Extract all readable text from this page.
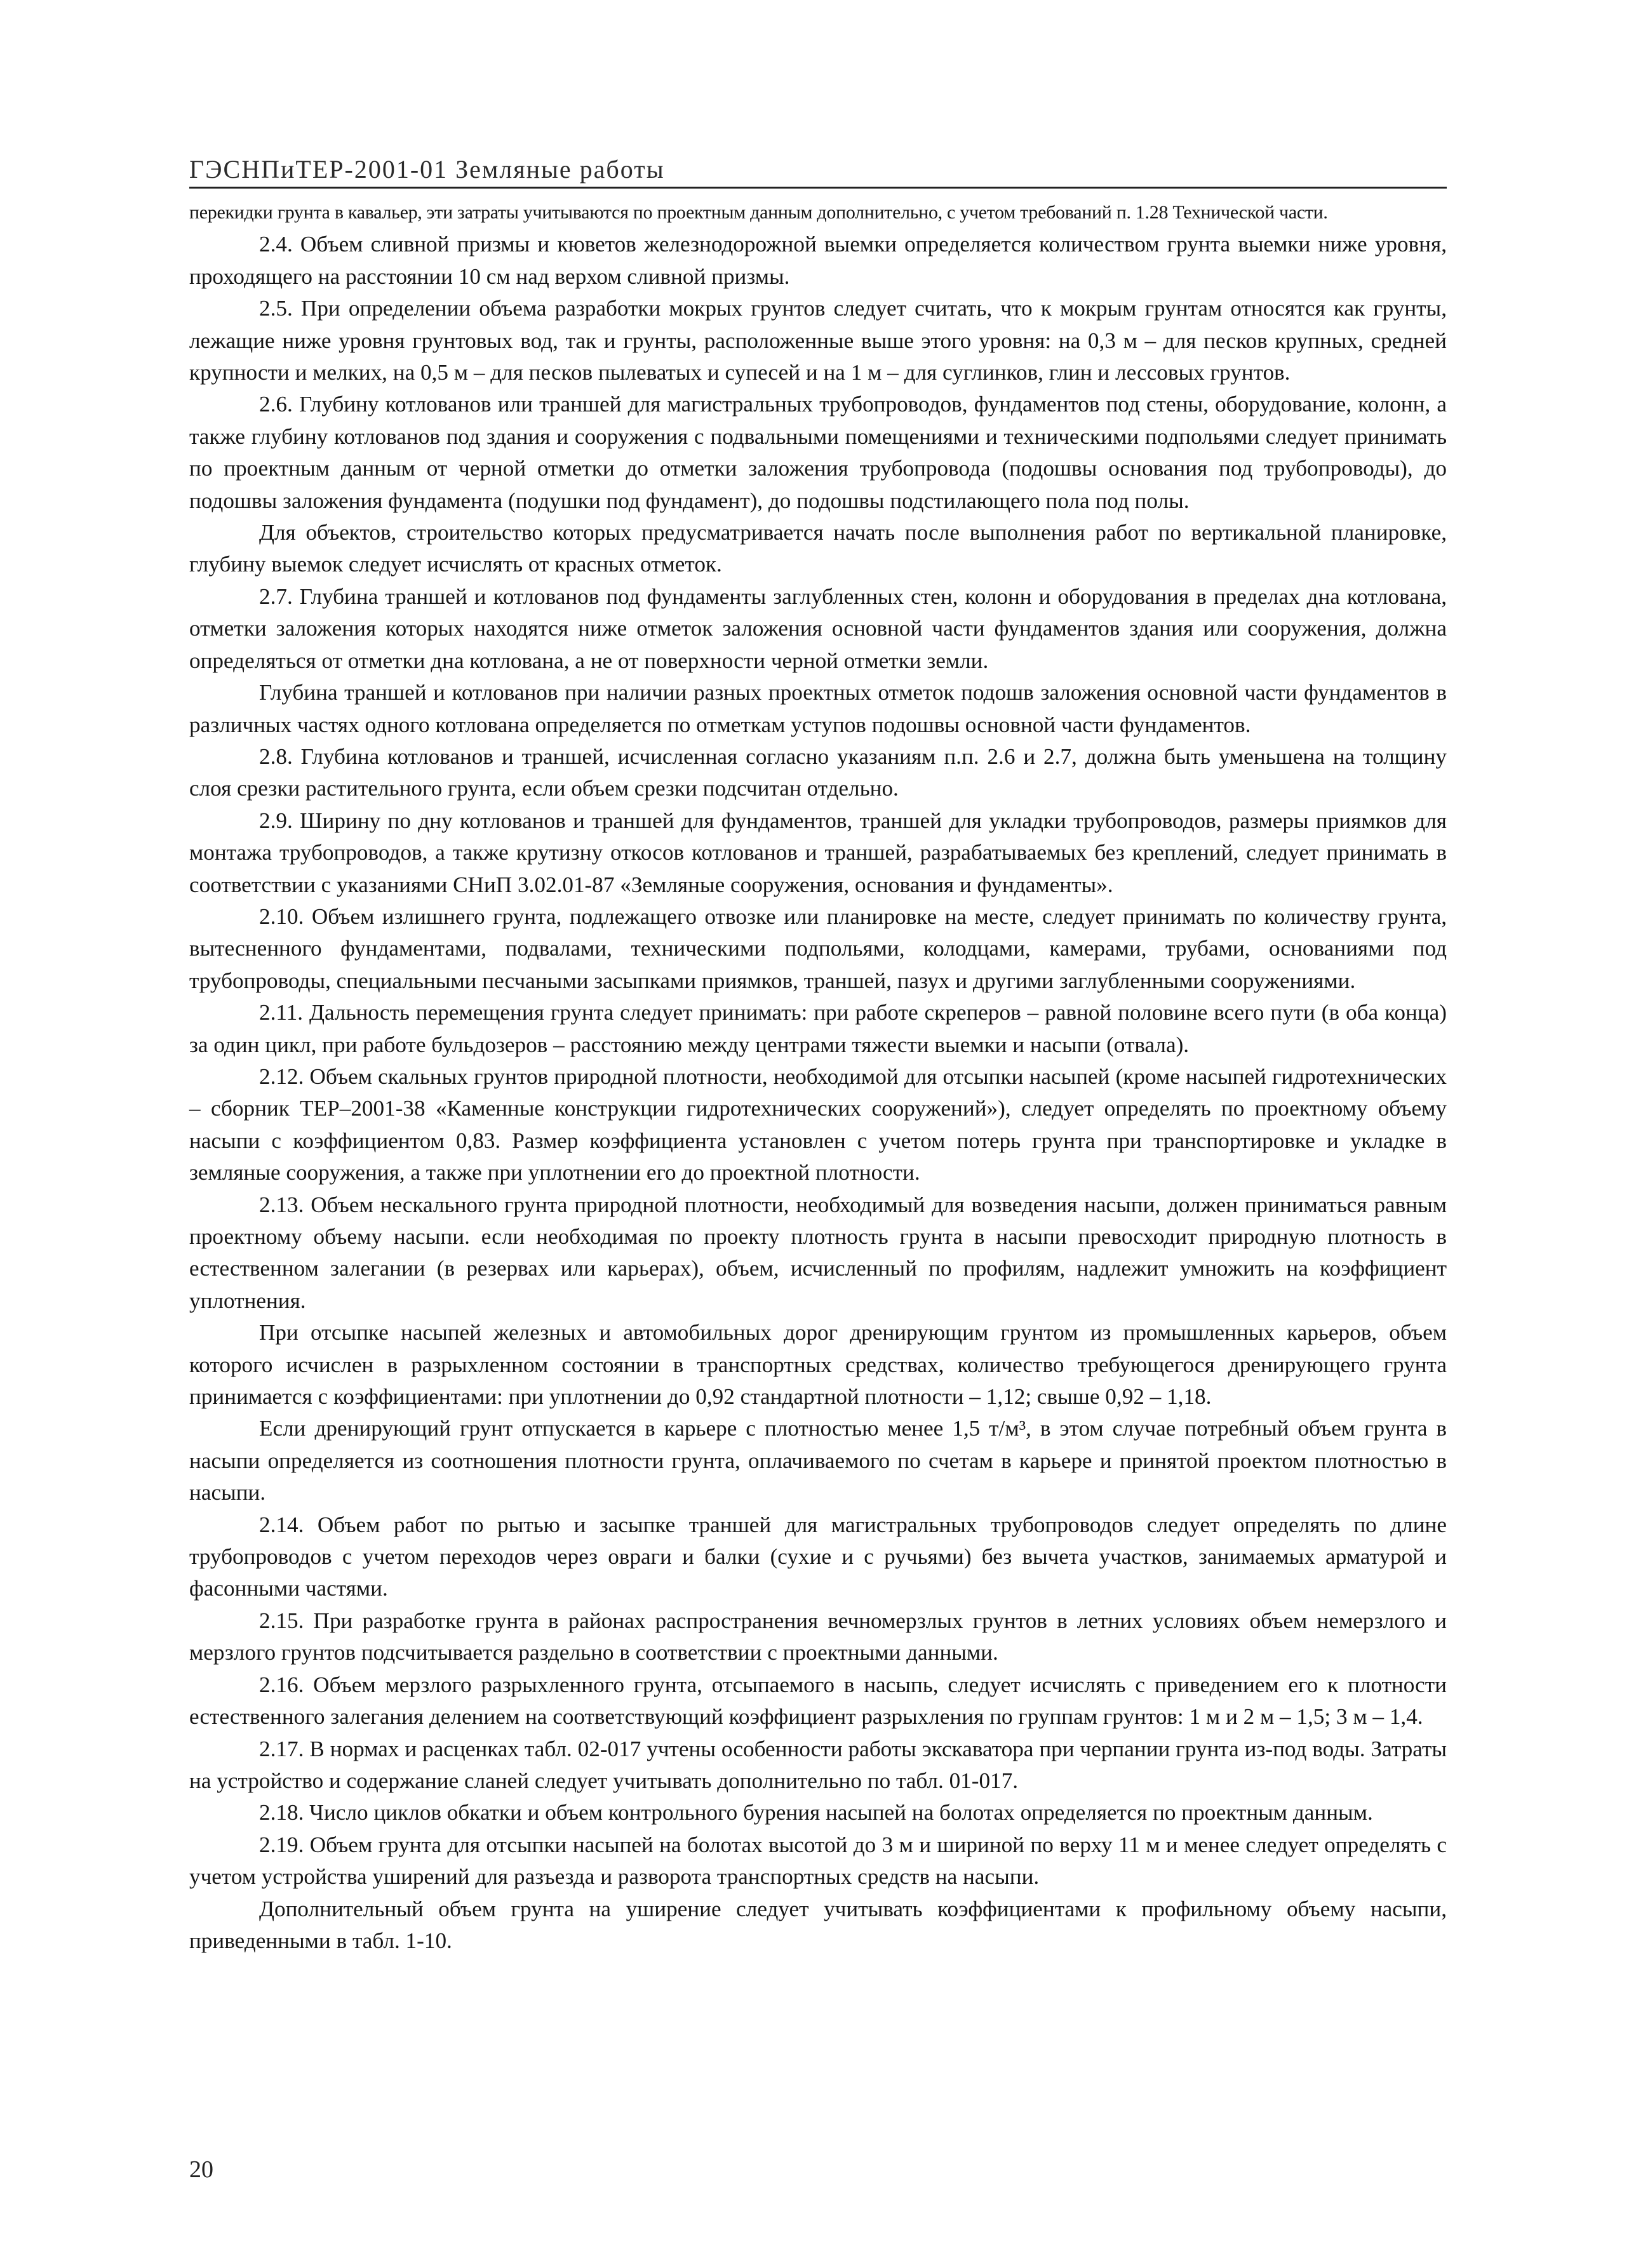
ГЭСНПиТЕР-2001-01 Земляные работы

перекидки грунта в кавальер, эти затраты учитываются по проектным данным дополнительно, с учетом требований п. 1.28 Технической части.

2.4. Объем сливной призмы и кюветов железнодорожной выемки определяется количеством грунта выемки ниже уровня, проходящего на расстоянии 10 см над верхом сливной призмы.

2.5. При определении объема разработки мокрых грунтов следует считать, что к мокрым грунтам относятся как грунты, лежащие ниже уровня грунтовых вод, так и грунты, расположенные выше этого уровня: на 0,3 м – для песков крупных, средней крупности и мелких, на 0,5 м – для песков пылеватых и супесей и на 1 м – для суглинков, глин и лессовых грунтов.

2.6. Глубину котлованов или траншей для магистральных трубопроводов, фундаментов под стены, оборудование, колонн, а также глубину котлованов под здания и сооружения с подвальными помещениями и техническими подпольями следует принимать по проектным данным от черной отметки до отметки заложения трубопровода (подошвы основания под трубопроводы), до подошвы заложения фундамента (подушки под фундамент), до подошвы подстилающего пола под полы.

Для объектов, строительство которых предусматривается начать после выполнения работ по вертикальной планировке, глубину выемок следует исчислять от красных отметок.

2.7. Глубина траншей и котлованов под фундаменты заглубленных стен, колонн и оборудования в пределах дна котлована, отметки заложения которых находятся ниже отметок заложения основной части фундаментов здания или сооружения, должна определяться от отметки дна котлована, а не от поверхности черной отметки земли.

Глубина траншей и котлованов при наличии разных проектных отметок подошв заложения основной части фундаментов в различных частях одного котлована определяется по отметкам уступов подошвы основной части фундаментов.

2.8. Глубина котлованов и траншей, исчисленная согласно указаниям п.п. 2.6 и 2.7, должна быть уменьшена на толщину слоя срезки растительного грунта, если объем срезки подсчитан отдельно.

2.9. Ширину по дну котлованов и траншей для фундаментов, траншей для укладки трубопроводов, размеры приямков для монтажа трубопроводов, а также крутизну откосов котлованов и траншей, разрабатываемых без креплений, следует принимать в соответствии с указаниями СНиП 3.02.01-87 «Земляные сооружения, основания и фундаменты».

2.10. Объем излишнего грунта, подлежащего отвозке или планировке на месте, следует принимать по количеству грунта, вытесненного фундаментами, подвалами, техническими подпольями, колодцами, камерами, трубами, основаниями под трубопроводы, специальными песчаными засыпками приямков, траншей, пазух и другими заглубленными сооружениями.

2.11. Дальность перемещения грунта следует принимать: при работе скреперов – равной половине всего пути (в оба конца) за один цикл, при работе бульдозеров – расстоянию между центрами тяжести выемки и насыпи (отвала).

2.12. Объем скальных грунтов природной плотности, необходимой для отсыпки насыпей (кроме насыпей гидротехнических – сборник ТЕР–2001-38 «Каменные конструкции гидротехнических сооружений»), следует определять по проектному объему насыпи с коэффициентом 0,83. Размер коэффициента установлен с учетом потерь грунта при транспортировке и укладке в земляные сооружения, а также при уплотнении его до проектной плотности.

2.13. Объем нескального грунта природной плотности, необходимый для возведения насыпи, должен приниматься равным проектному объему насыпи. если необходимая по проекту плотность грунта в насыпи превосходит природную плотность в естественном залегании (в резервах или карьерах), объем, исчисленный по профилям, надлежит умножить на коэффициент уплотнения.

При отсыпке насыпей железных и автомобильных дорог дренирующим грунтом из промышленных карьеров, объем которого исчислен в разрыхленном состоянии в транспортных средствах, количество требующегося дренирующего грунта принимается с коэффициентами: при уплотнении до 0,92 стандартной плотности – 1,12; свыше 0,92 – 1,18.

Если дренирующий грунт отпускается в карьере с плотностью менее 1,5 т/м³, в этом случае потребный объем грунта в насыпи определяется из соотношения плотности грунта, оплачиваемого по счетам в карьере и принятой проектом плотностью в насыпи.

2.14. Объем работ по рытью и засыпке траншей для магистральных трубопроводов следует определять по длине трубопроводов с учетом переходов через овраги и балки (сухие и с ручьями) без вычета участков, занимаемых арматурой и фасонными частями.

2.15. При разработке грунта в районах распространения вечномерзлых грунтов в летних условиях объем немерзлого и мерзлого грунтов подсчитывается раздельно в соответствии с проектными данными.

2.16. Объем мерзлого разрыхленного грунта, отсыпаемого в насыпь, следует исчислять с приведением его к плотности естественного залегания делением на соответствующий коэффициент разрыхления по группам грунтов: 1 м и 2 м – 1,5; 3 м – 1,4.

2.17. В нормах и расценках табл. 02-017 учтены особенности работы экскаватора при черпании грунта из-под воды. Затраты на устройство и содержание сланей следует учитывать дополнительно по табл. 01-017.

2.18. Число циклов обкатки и объем контрольного бурения насыпей на болотах определяется по проектным данным.

2.19. Объем грунта для отсыпки насыпей на болотах высотой до 3 м и шириной по верху 11 м и менее следует определять с учетом устройства уширений для разъезда и разворота транспортных средств на насыпи.

Дополнительный объем грунта на уширение следует учитывать коэффициентами к профильному объему насыпи, приведенными в табл. 1-10.

20
